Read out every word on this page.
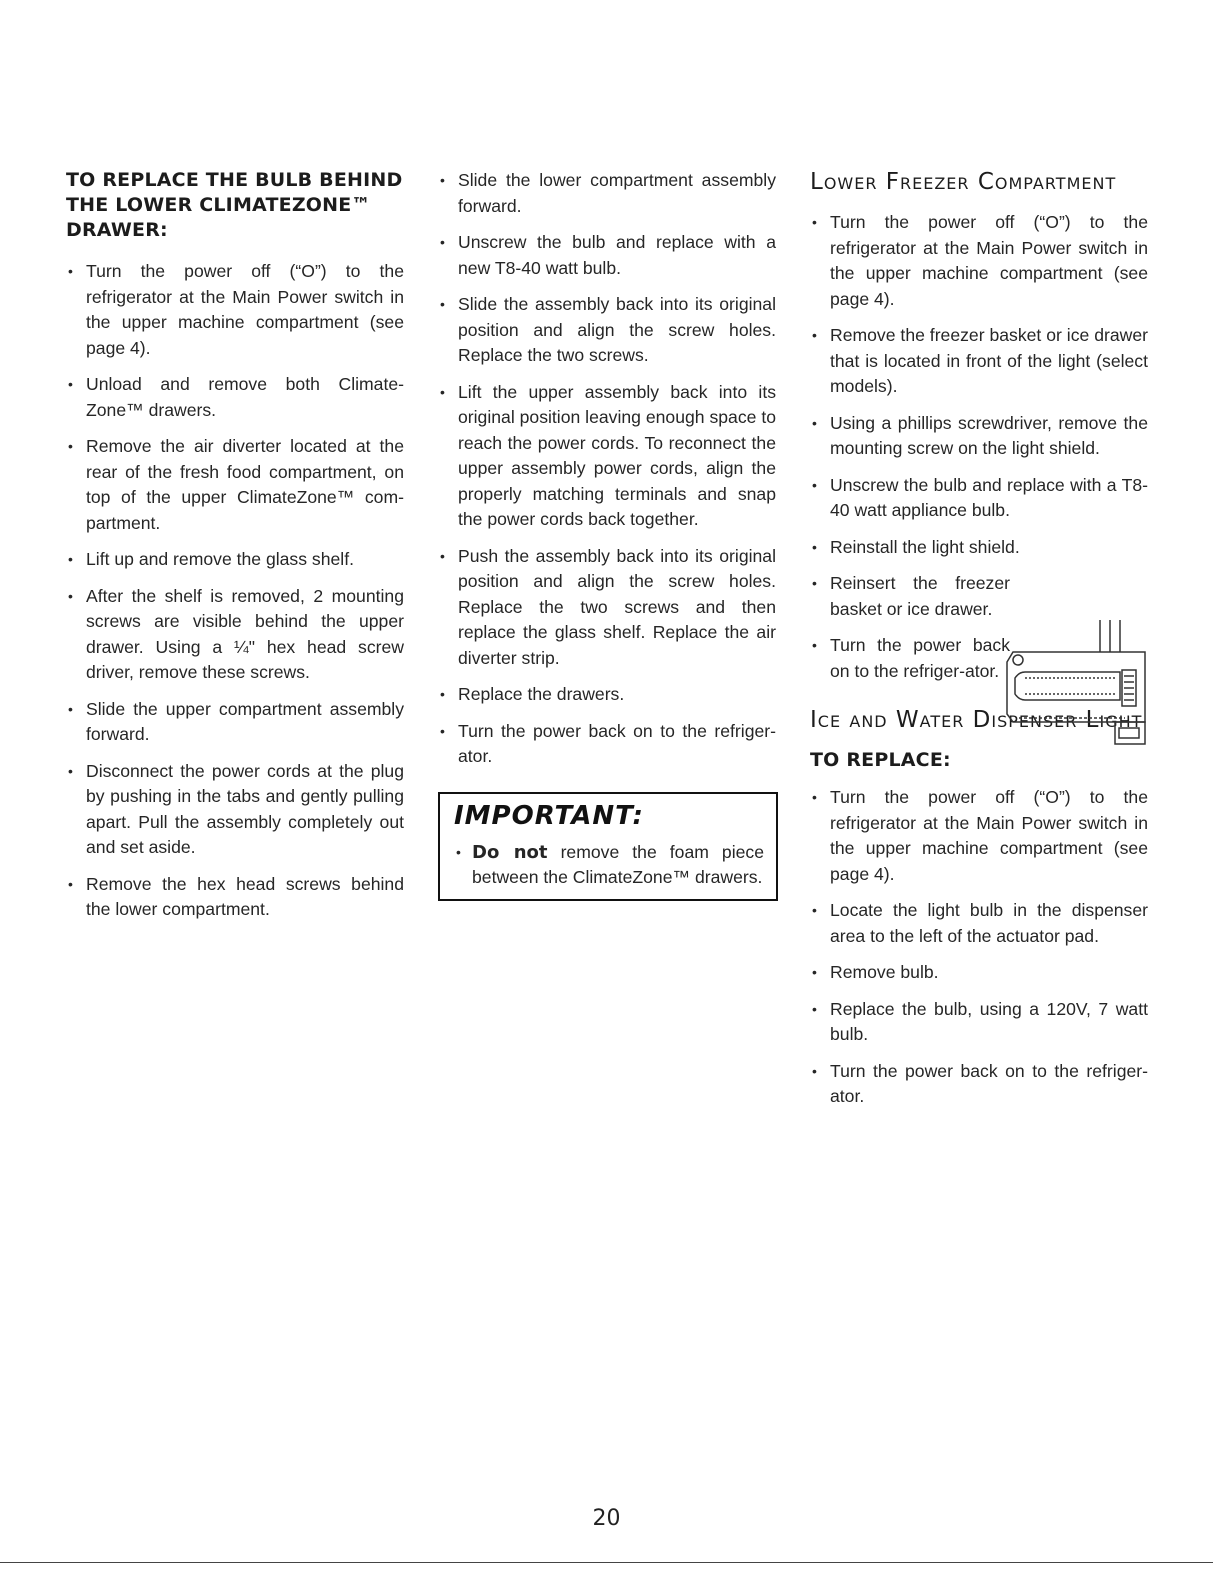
TO REPLACE THE BULB BEHIND THE LOWER CLIMATEZONE™ DRAWER:
• Turn the power off (“O”) to the refrigerator at the Main Power switch in the upper machine compartment (see page 4).
• Unload and remove both Climate-Zone™ drawers.
• Remove the air diverter located at the rear of the fresh food compartment, on top of the upper ClimateZone™ com-partment.
• Lift up and remove the glass shelf.
• After the shelf is removed, 2 mounting screws are visible behind the upper drawer. Using a ¼" hex head screw driver, remove these screws.
• Slide the upper compartment assembly forward.
• Disconnect the power cords at the plug by pushing in the tabs and gently pulling apart. Pull the assembly completely out and set aside.
• Remove the hex head screws behind the lower compartment.
• Slide the lower compartment assembly forward.
• Unscrew the bulb and replace with a new T8-40 watt bulb.
• Slide the assembly back into its original position and align the screw holes. Replace the two screws.
• Lift the upper assembly back into its original position leaving enough space to reach the power cords. To reconnect the upper assembly power cords, align the properly matching terminals and snap the power cords back together.
• Push the assembly back into its original position and align the screw holes. Replace the two screws and then replace the glass shelf. Replace the air diverter strip.
• Replace the drawers.
• Turn the power back on to the refriger-ator.
IMPORTANT:
• Do not remove the foam piece between the ClimateZone™ drawers.
Lower Freezer Compartment
• Turn the power off (“O”) to the refrigerator at the Main Power switch in the upper machine compartment (see page 4).
• Remove the freezer basket or ice drawer that is located in front of the light (select models).
• Using a phillips screwdriver, remove the mounting screw on the light shield.
• Unscrew the bulb and replace with a T8-40 watt appliance bulb.
• Reinstall the light shield.
• Reinsert the freezer basket or ice drawer.
• Turn the power back on to the refriger-ator.
Ice and Water Dispenser Light
TO REPLACE:
• Turn the power off (“O”) to the refrigerator at the Main Power switch in the upper machine compartment (see page 4).
• Locate the light bulb in the dispenser area to the left of the actuator pad.
• Remove bulb.
• Replace the bulb, using a 120V, 7 watt bulb.
• Turn the power back on to the refriger-ator.
20
